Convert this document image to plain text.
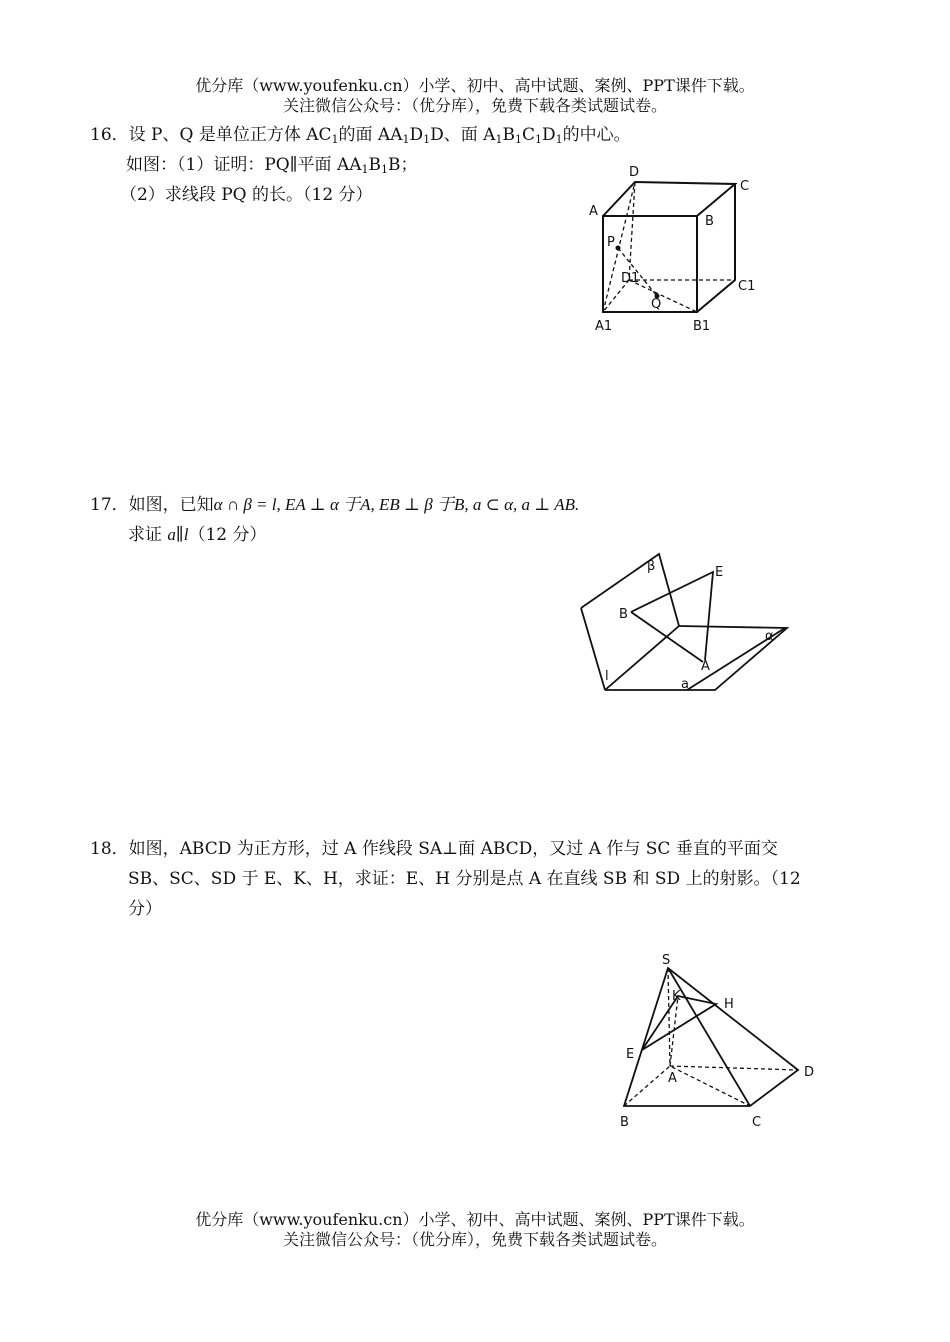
优分库（www.youfenku.cn）小学、初中、高中试题、案例、PPT课件下载。
关注微信公众号：（优分库），免费下载各类试题试卷。
16．设 P、Q 是单位正方体 $AC_1$的面 $AA_1D_1D$、面 $A_1B_1C_1D_1$的中心。
如图：（1）证明：PQ∥平面 $AA_1B_1B$；
（2）求线段 PQ 的长。（12 分）
D
C
A
B
P
D1
Q
C1
A1	B1
17．如图，已知α ∩ β = l, EA ⊥ α 于A, EB ⊥ β 于B, a ⊂ α, a ⊥ AB.
求证 a∥l（12 分）
β	E
B
α
A
l
a
18．如图，ABCD 为正方形，过 A 作线段 SA⊥面 ABCD，又过 A 作与 SC 垂直的平面交
SB、SC、SD 于 E、K、H，求证：E、H 分别是点 A 在直线 SB 和 SD 上的射影。（12
分）
S
K
H
E
A	D
B	C
优分库（www.youfenku.cn）小学、初中、高中试题、案例、PPT课件下载。
关注微信公众号：（优分库），免费下载各类试题试卷。
